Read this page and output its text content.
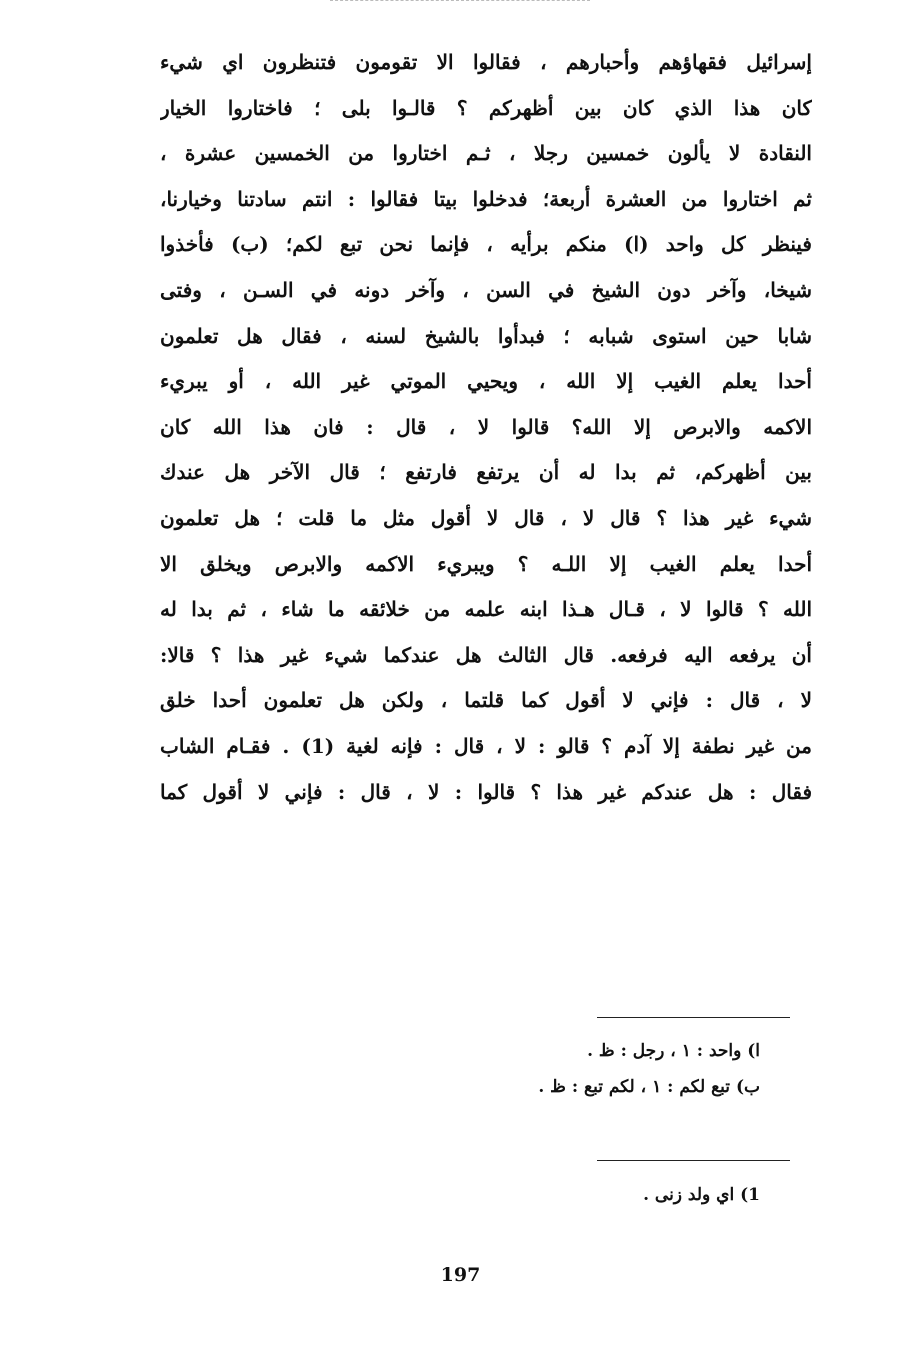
إسرائيل فقهاؤهم وأحبارهم ، فقالوا الا تقومون فتنظرون اي شيء
كان هذا الذي كان بين أظهركم ؟ قالـوا بلى ؛ فاختاروا الخيار
النقادة لا يألون خمسين رجلا ، ثـم اختاروا من الخمسين عشرة ،
ثم اختاروا من العشرة أربعة؛ فدخلوا بيتا فقالوا : انتم سادتنا وخيارنا،
فينظر كل واحد (ا) منكم برأيه ، فإنما نحن تبع لكم؛ (ب) فأخذوا
شيخا، وآخر دون الشيخ في السن ، وآخر دونه في السـن ، وفتى
شابا حين استوى شبابه ؛ فبدأوا بالشيخ لسنه ، فقال هل تعلمون
أحدا يعلم الغيب إلا الله ، ويحيي الموتي غير الله ، أو يبريء
الاكمه والابرص إلا الله؟ قالوا لا ، قال : فان هذا الله كان
بين أظهركم، ثم بدا له أن يرتفع فارتفع ؛ قال الآخر هل عندك
شيء غير هذا ؟ قال لا ، قال لا أقول مثل ما قلت ؛ هل تعلمون
أحدا يعلم الغيب إلا اللـه ؟ ويبريء الاكمه والابرص ويخلق الا
الله ؟ قالوا لا ، قـال هـذا ابنه علمه من خلائقه ما شاء ، ثم بدا له
أن يرفعه اليه فرفعه. قال الثالث هل عندكما شيء غير هذا ؟ قالا:
لا ، قال : فإني لا أقول كما قلتما ، ولكن هل تعلمون أحدا خلق
من غير نطفة إلا آدم ؟ قالو : لا ، قال : فإنه لغية (1) . فقـام الشاب
فقال : هل عندكم غير هذا ؟ قالوا : لا ، قال : فإني لا أقول كما
ا) واحد : ١ ، رجل : ظ .
ب) تبع لكم : ١ ، لكم تبع : ظ .
1) اي ولد زنى .
197
